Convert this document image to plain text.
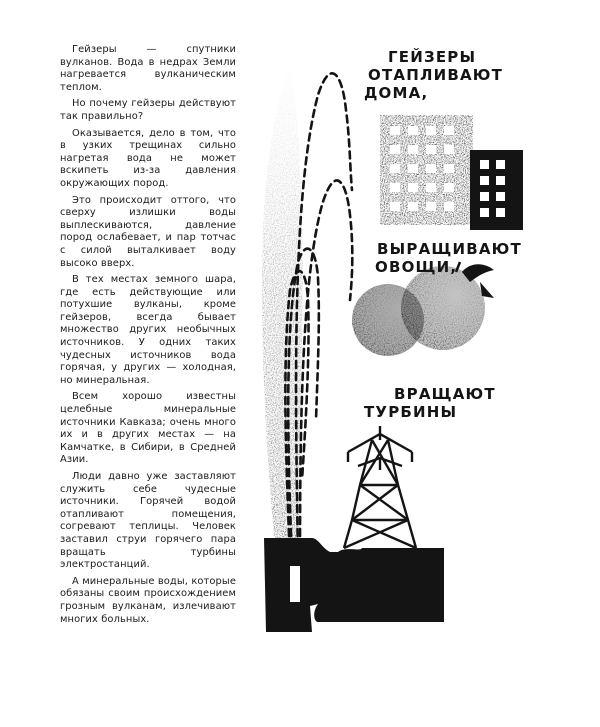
Гейзеры — спутники вулканов. Вода в недрах Земли нагревается вулканическим теплом.

Но почему гейзеры действуют так правильно?

Оказывается, дело в том, что в узких трещинах сильно нагретая вода не может вскипеть из-за давления окружающих пород.

Это происходит оттого, что сверху излишки воды выплескиваются, давление пород ослабевает, и пар тотчас с силой выталкивает воду высоко вверх.

В тех местах земного шара, где есть действующие или потухшие вулканы, кроме гейзеров, всегда бывает множество других необычных источников. У одних таких чудесных источников вода горячая, у других — холодная, но минеральная.

Всем хорошо известны целебные минеральные источники Кавказа; очень много их и в других местах — на Камчатке, в Сибири, в Средней Азии.

Люди давно уже заставляют служить себе чудесные источники. Горячей водой отапливают помещения, согревают теплицы. Человек заставил струи горячего пара вращать турбины электростанций.

А минеральные воды, которые обязаны своим происхождением грозным вулканам, излечивают многих больных.

ГЕЙЗЕРЫ
ОТАПЛИВАЮТ
ДОМА,
ВЫРАЩИВАЮТ
ОВОЩИ,
ВРАЩАЮТ
ТУРБИНЫ
